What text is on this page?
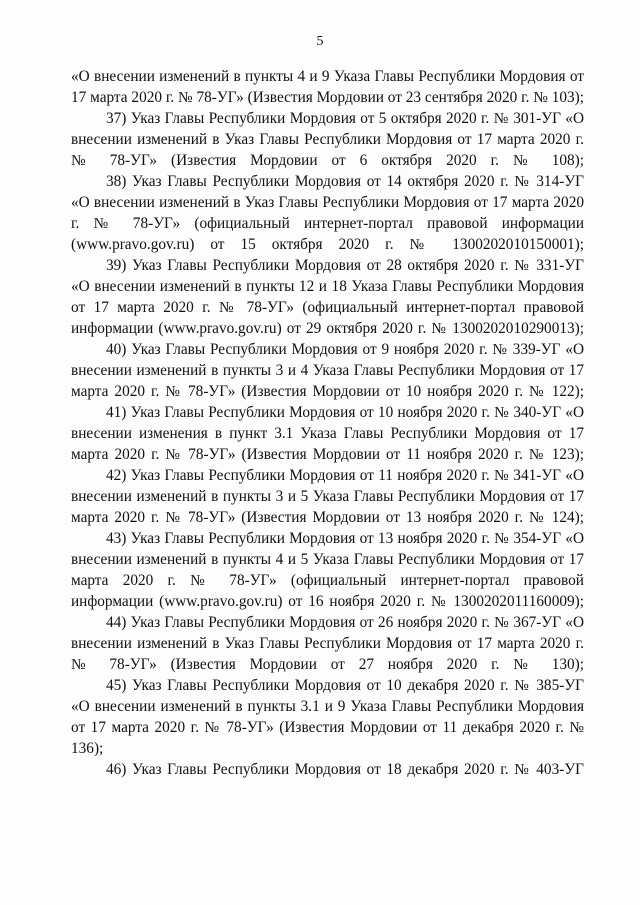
5

«О внесении изменений в пункты 4 и 9 Указа Главы Республики Мордовия от 17 марта 2020 г. № 78-УГ» (Известия Мордовии от 23 сентября 2020 г. № 103);

37) Указ Главы Республики Мордовия от 5 октября 2020 г. № 301-УГ «О внесении изменений в Указ Главы Республики Мордовия от 17 марта 2020 г. № 78-УГ» (Известия Мордовии от 6 октября 2020 г. № 108);

38) Указ Главы Республики Мордовия от 14 октября 2020 г. № 314-УГ «О внесении изменений в Указ Главы Республики Мордовия от 17 марта 2020 г. № 78-УГ» (официальный интернет-портал правовой информации (www.pravo.gov.ru) от 15 октября 2020 г. № 1300202010150001);

39) Указ Главы Республики Мордовия от 28 октября 2020 г. № 331-УГ «О внесении изменений в пункты 12 и 18 Указа Главы Республики Мордовия от 17 марта 2020 г. № 78-УГ» (официальный интернет-портал правовой информации (www.pravo.gov.ru) от 29 октября 2020 г. № 1300202010290013);

40) Указ Главы Республики Мордовия от 9 ноября 2020 г. № 339-УГ «О внесении изменений в пункты 3 и 4 Указа Главы Республики Мордовия от 17 марта 2020 г. № 78-УГ» (Известия Мордовии от 10 ноября 2020 г. № 122);

41) Указ Главы Республики Мордовия от 10 ноября 2020 г. № 340-УГ «О внесении изменения в пункт 3.1 Указа Главы Республики Мордовия от 17 марта 2020 г. № 78-УГ» (Известия Мордовии от 11 ноября 2020 г. № 123);

42) Указ Главы Республики Мордовия от 11 ноября 2020 г. № 341-УГ «О внесении изменений в пункты 3 и 5 Указа Главы Республики Мордовия от 17 марта 2020 г. № 78-УГ» (Известия Мордовии от 13 ноября 2020 г. № 124);

43) Указ Главы Республики Мордовия от 13 ноября 2020 г. № 354-УГ «О внесении изменений в пункты 4 и 5 Указа Главы Республики Мордовия от 17 марта 2020 г. № 78-УГ» (официальный интернет-портал правовой информации (www.pravo.gov.ru) от 16 ноября 2020 г. № 1300202011160009);

44) Указ Главы Республики Мордовия от 26 ноября 2020 г. № 367-УГ «О внесении изменений в Указ Главы Республики Мордовия от 17 марта 2020 г. № 78-УГ» (Известия Мордовии от 27 ноября 2020 г. № 130);

45) Указ Главы Республики Мордовия от 10 декабря 2020 г. № 385-УГ «О внесении изменений в пункты 3.1 и 9 Указа Главы Республики Мордовия от 17 марта 2020 г. № 78-УГ» (Известия Мордовии от 11 декабря 2020 г. № 136);

46) Указ Главы Республики Мордовия от 18 декабря 2020 г. № 403-УГ
